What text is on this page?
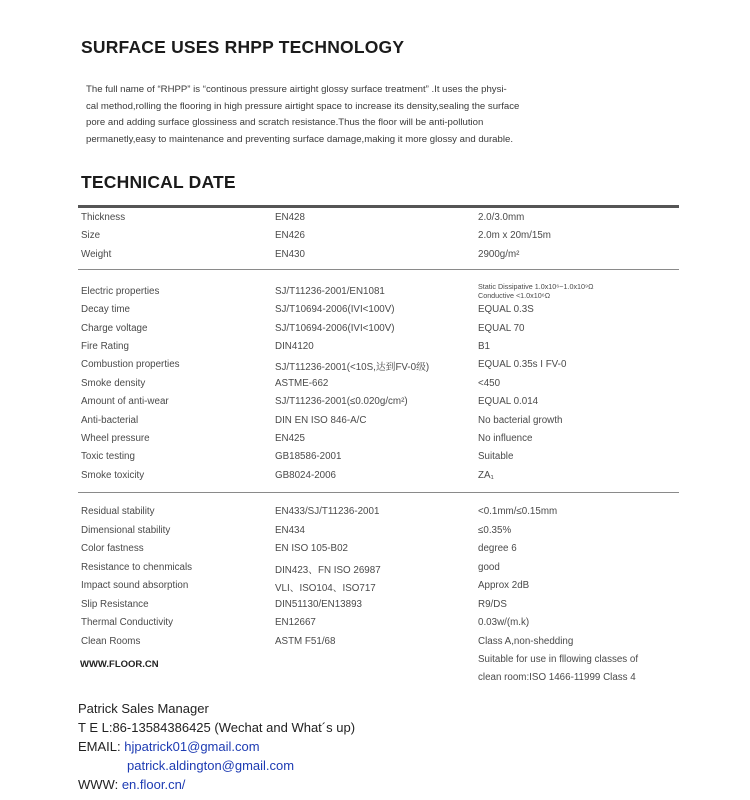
SURFACE USES RHPP TECHNOLOGY

The full name of “RHPP” is “continous pressure airtight glossy surface treatment” .It uses the physi-

cal method,rolling the flooring in high pressure airtight space to increase its density,sealing the surface

pore and adding surface glossiness and scratch resistance.Thus the floor will be anti-pollution

permanetly,easy to maintenance and preventing surface damage,making it more glossy and durable.

TECHNICAL DATE
Thickness	EN428	2.0/3.0mm
Size	EN426	2.0m x 20m/15m
Weight	EN430	2900g/m²
Electric properties	SJ/T11236-2001/EN1081	Static Dissipative 1.0x10⁶~1.0x10⁹Ω
Conductive <1.0x10⁶Ω
Decay time	SJ/T10694-2006(IVI<100V)	EQUAL 0.3S
Charge voltage	SJ/T10694-2006(IVI<100V)	EQUAL 70
Fire Rating	DIN4120	B1
Combustion properties	SJ/T11236-2001(<10S,达到FV-0级)	EQUAL 0.35s I FV-0
Smoke density	ASTME-662	<450
Amount of anti-wear	SJ/T11236-2001(≤0.020g/cm²)	EQUAL 0.014
Anti-bacterial	DIN EN ISO 846-A/C	No bacterial growth
Wheel pressure	EN425	No influence
Toxic testing	GB18586-2001	Suitable
Smoke toxicity	GB8024-2006	ZA₁
Residual stability	EN433/SJ/T11236-2001	<0.1mm/≤0.15mm
Dimensional stability	EN434	≤0.35%
Color fastness	EN ISO 105-B02	degree 6
Resistance to chenmicals	DIN423、FN ISO 26987	good
Impact sound absorption	VLI、ISO104、ISO717	Approx 2dB
Slip Resistance	DIN51130/EN13893	R9/DS
Thermal Conductivity	EN12667	0.03w/(m.k)
Clean Rooms	ASTM F51/68	Class A,non-shedding
WWW.FLOOR.CN	Suitable for use in fllowing classes of
clean room:ISO 1466-11999 Class 4
Patrick Sales Manager
T E L:86-13584386425 (Wechat and What´s up)
EMAIL: hjpatrick01@gmail.com
patrick.aldington@gmail.com
WWW: en.floor.cn/
